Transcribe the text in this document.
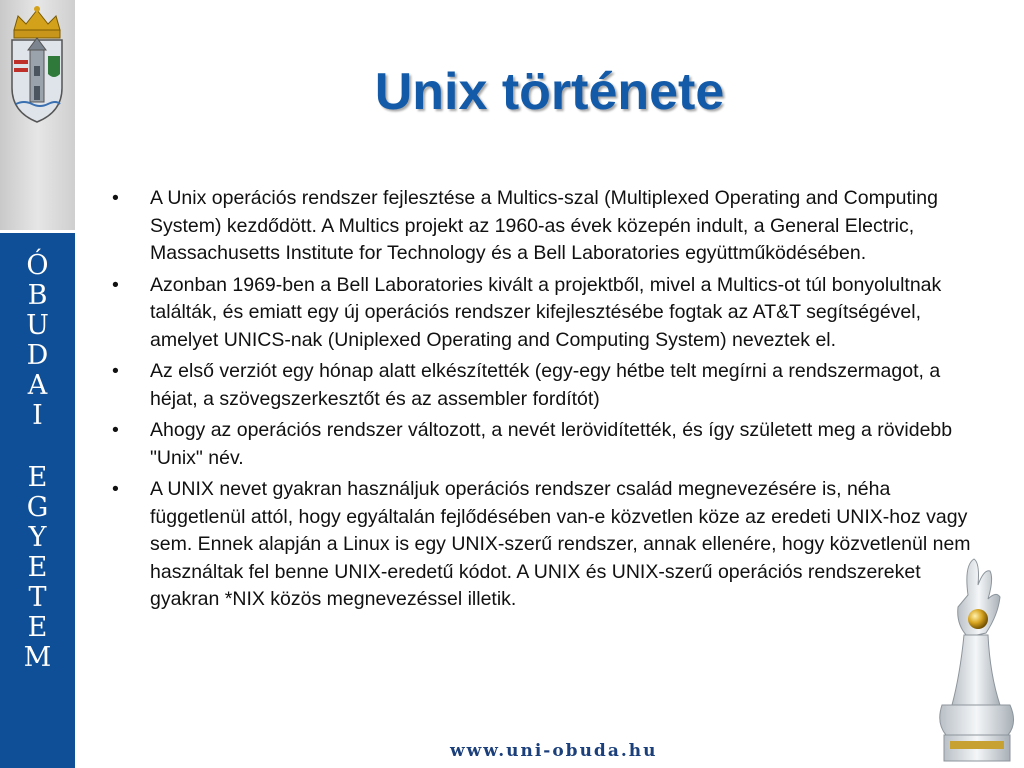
Ó
B
U
D
A
I
E
G
Y
E
T
E
M
Unix története
•	A Unix operációs rendszer fejlesztése a Multics-szal (Multiplexed Operating and Computing System) kezdődött. A Multics projekt az 1960-as évek közepén indult, a General Electric, Massachusetts Institute for Technology és a Bell Laboratories együttműködésében.
•	Azonban 1969-ben a Bell Laboratories kivált a projektből, mivel a Multics-ot túl bonyolultnak találták, és emiatt egy új operációs rendszer kifejlesztésébe fogtak az AT&T segítségével, amelyet UNICS-nak (Uniplexed Operating and Computing System) neveztek el.
•	Az első verziót egy hónap alatt elkészítették (egy-egy hétbe telt megírni a rendszermagot, a héjat, a szövegszerkesztőt és az assembler fordítót)
•	Ahogy az operációs rendszer változott, a nevét lerövidítették, és így született meg a rövidebb "Unix" név.
•	A UNIX nevet gyakran használjuk operációs rendszer család megnevezésére is, néha függetlenül attól, hogy egyáltalán fejlődésében van-e közvetlen köze az eredeti UNIX-hoz vagy sem. Ennek alapján a Linux is egy UNIX-szerű rendszer, annak ellenére, hogy közvetlenül nem használtak fel benne UNIX-eredetű kódot. A UNIX és UNIX-szerű operációs rendszereket gyakran *NIX közös megnevezéssel illetik.
www.uni-obuda.hu
